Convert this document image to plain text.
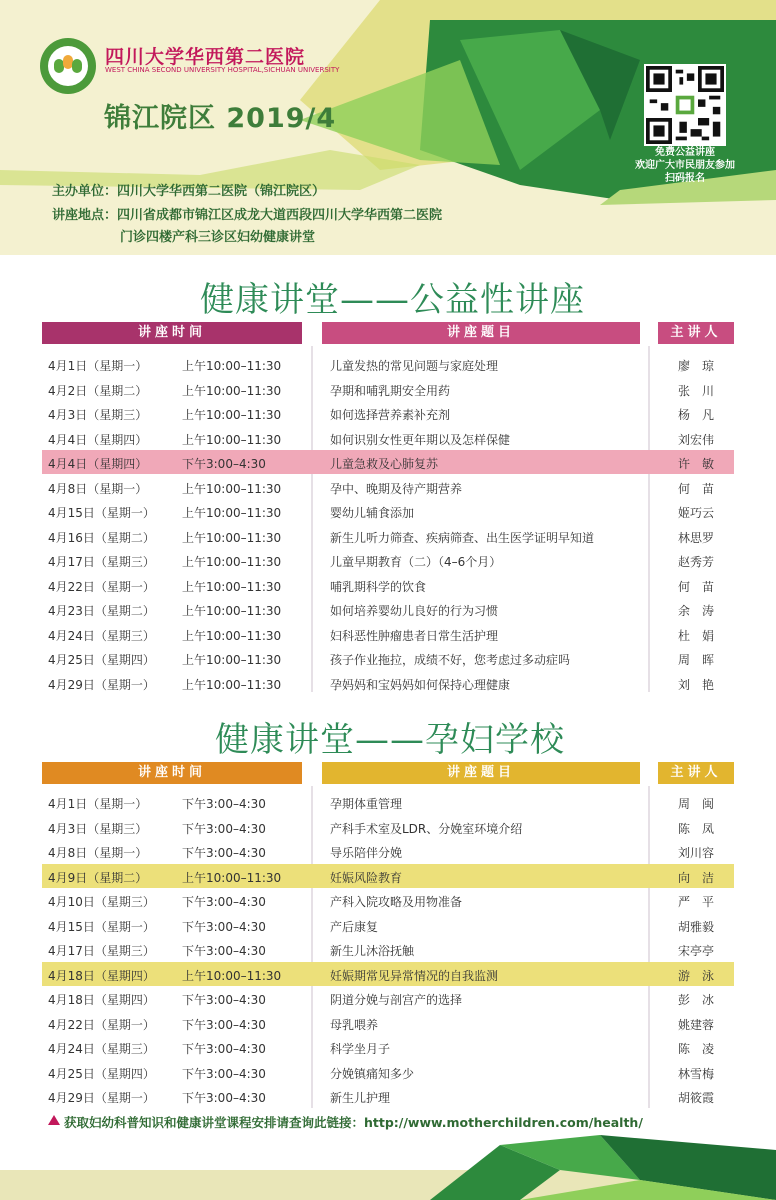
四川大学华西第二医院
WEST CHINA SECOND UNIVERSITY HOSPITAL,SICHUAN UNIVERSITY
锦江院区 2019/4
免费公益讲座
欢迎广大市民朋友参加
扫码报名
主办单位：四川大学华西第二医院（锦江院区）
讲座地点：四川省成都市锦江区成龙大道西段四川大学华西第二医院
门诊四楼产科三诊区妇幼健康讲堂
健康讲堂——公益性讲座
讲座时间	讲座题目	主讲人
4月1日（星期一）	上午10:00–11:30	儿童发热的常见问题与家庭处理	廖　琼
4月2日（星期二）	上午10:00–11:30	孕期和哺乳期安全用药	张　川
4月3日（星期三）	上午10:00–11:30	如何选择营养素补充剂	杨　凡
4月4日（星期四）	上午10:00–11:30	如何识别女性更年期以及怎样保健	刘宏伟
4月4日（星期四）	下午3:00–4:30	儿童急救及心肺复苏	许　敏
4月8日（星期一）	上午10:00–11:30	孕中、晚期及待产期营养	何　苗
4月15日（星期一） 上午10:00–11:30	婴幼儿辅食添加	姬巧云
4月16日（星期二） 上午10:00–11:30	新生儿听力筛查、疾病筛查、出生医学证明早知道	林思罗
4月17日（星期三） 上午10:00–11:30	儿童早期教育（二）（4–6个月）	赵秀芳
4月22日（星期一） 上午10:00–11:30	哺乳期科学的饮食	何　苗
4月23日（星期二） 上午10:00–11:30	如何培养婴幼儿良好的行为习惯	余　涛
4月24日（星期三） 上午10:00–11:30	妇科恶性肿瘤患者日常生活护理	杜　娟
4月25日（星期四） 上午10:00–11:30	孩子作业拖拉，成绩不好，您考虑过多动症吗	周　晖
4月29日（星期一） 上午10:00–11:30	孕妈妈和宝妈妈如何保持心理健康	刘　艳
健康讲堂——孕妇学校
讲座时间	讲座题目	主讲人
4月1日（星期一）	下午3:00–4:30	孕期体重管理	周　闽
4月3日（星期三）	下午3:00–4:30	产科手术室及LDR、分娩室环境介绍	陈　凤
4月8日（星期一）	下午3:00–4:30	导乐陪伴分娩	刘川容
4月9日（星期二）	上午10:00–11:30	妊娠风险教育	向　洁
4月10日（星期三） 下午3:00–4:30	产科入院攻略及用物准备	严　平
4月15日（星期一） 下午3:00–4:30	产后康复	胡雅毅
4月17日（星期三） 下午3:00–4:30	新生儿沐浴抚触	宋亭亭
4月18日（星期四） 上午10:00–11:30	妊娠期常见异常情况的自我监测	游　泳
4月18日（星期四） 下午3:00–4:30	阴道分娩与剖宫产的选择	彭　冰
4月22日（星期一） 下午3:00–4:30	母乳喂养	姚建蓉
4月24日（星期三） 下午3:00–4:30	科学坐月子	陈　凌
4月25日（星期四） 下午3:00–4:30	分娩镇痛知多少	林雪梅
4月29日（星期一） 下午3:00–4:30	新生儿护理	胡筱霞
获取妇幼科普知识和健康讲堂课程安排请查询此链接：http://www.motherchildren.com/health/
